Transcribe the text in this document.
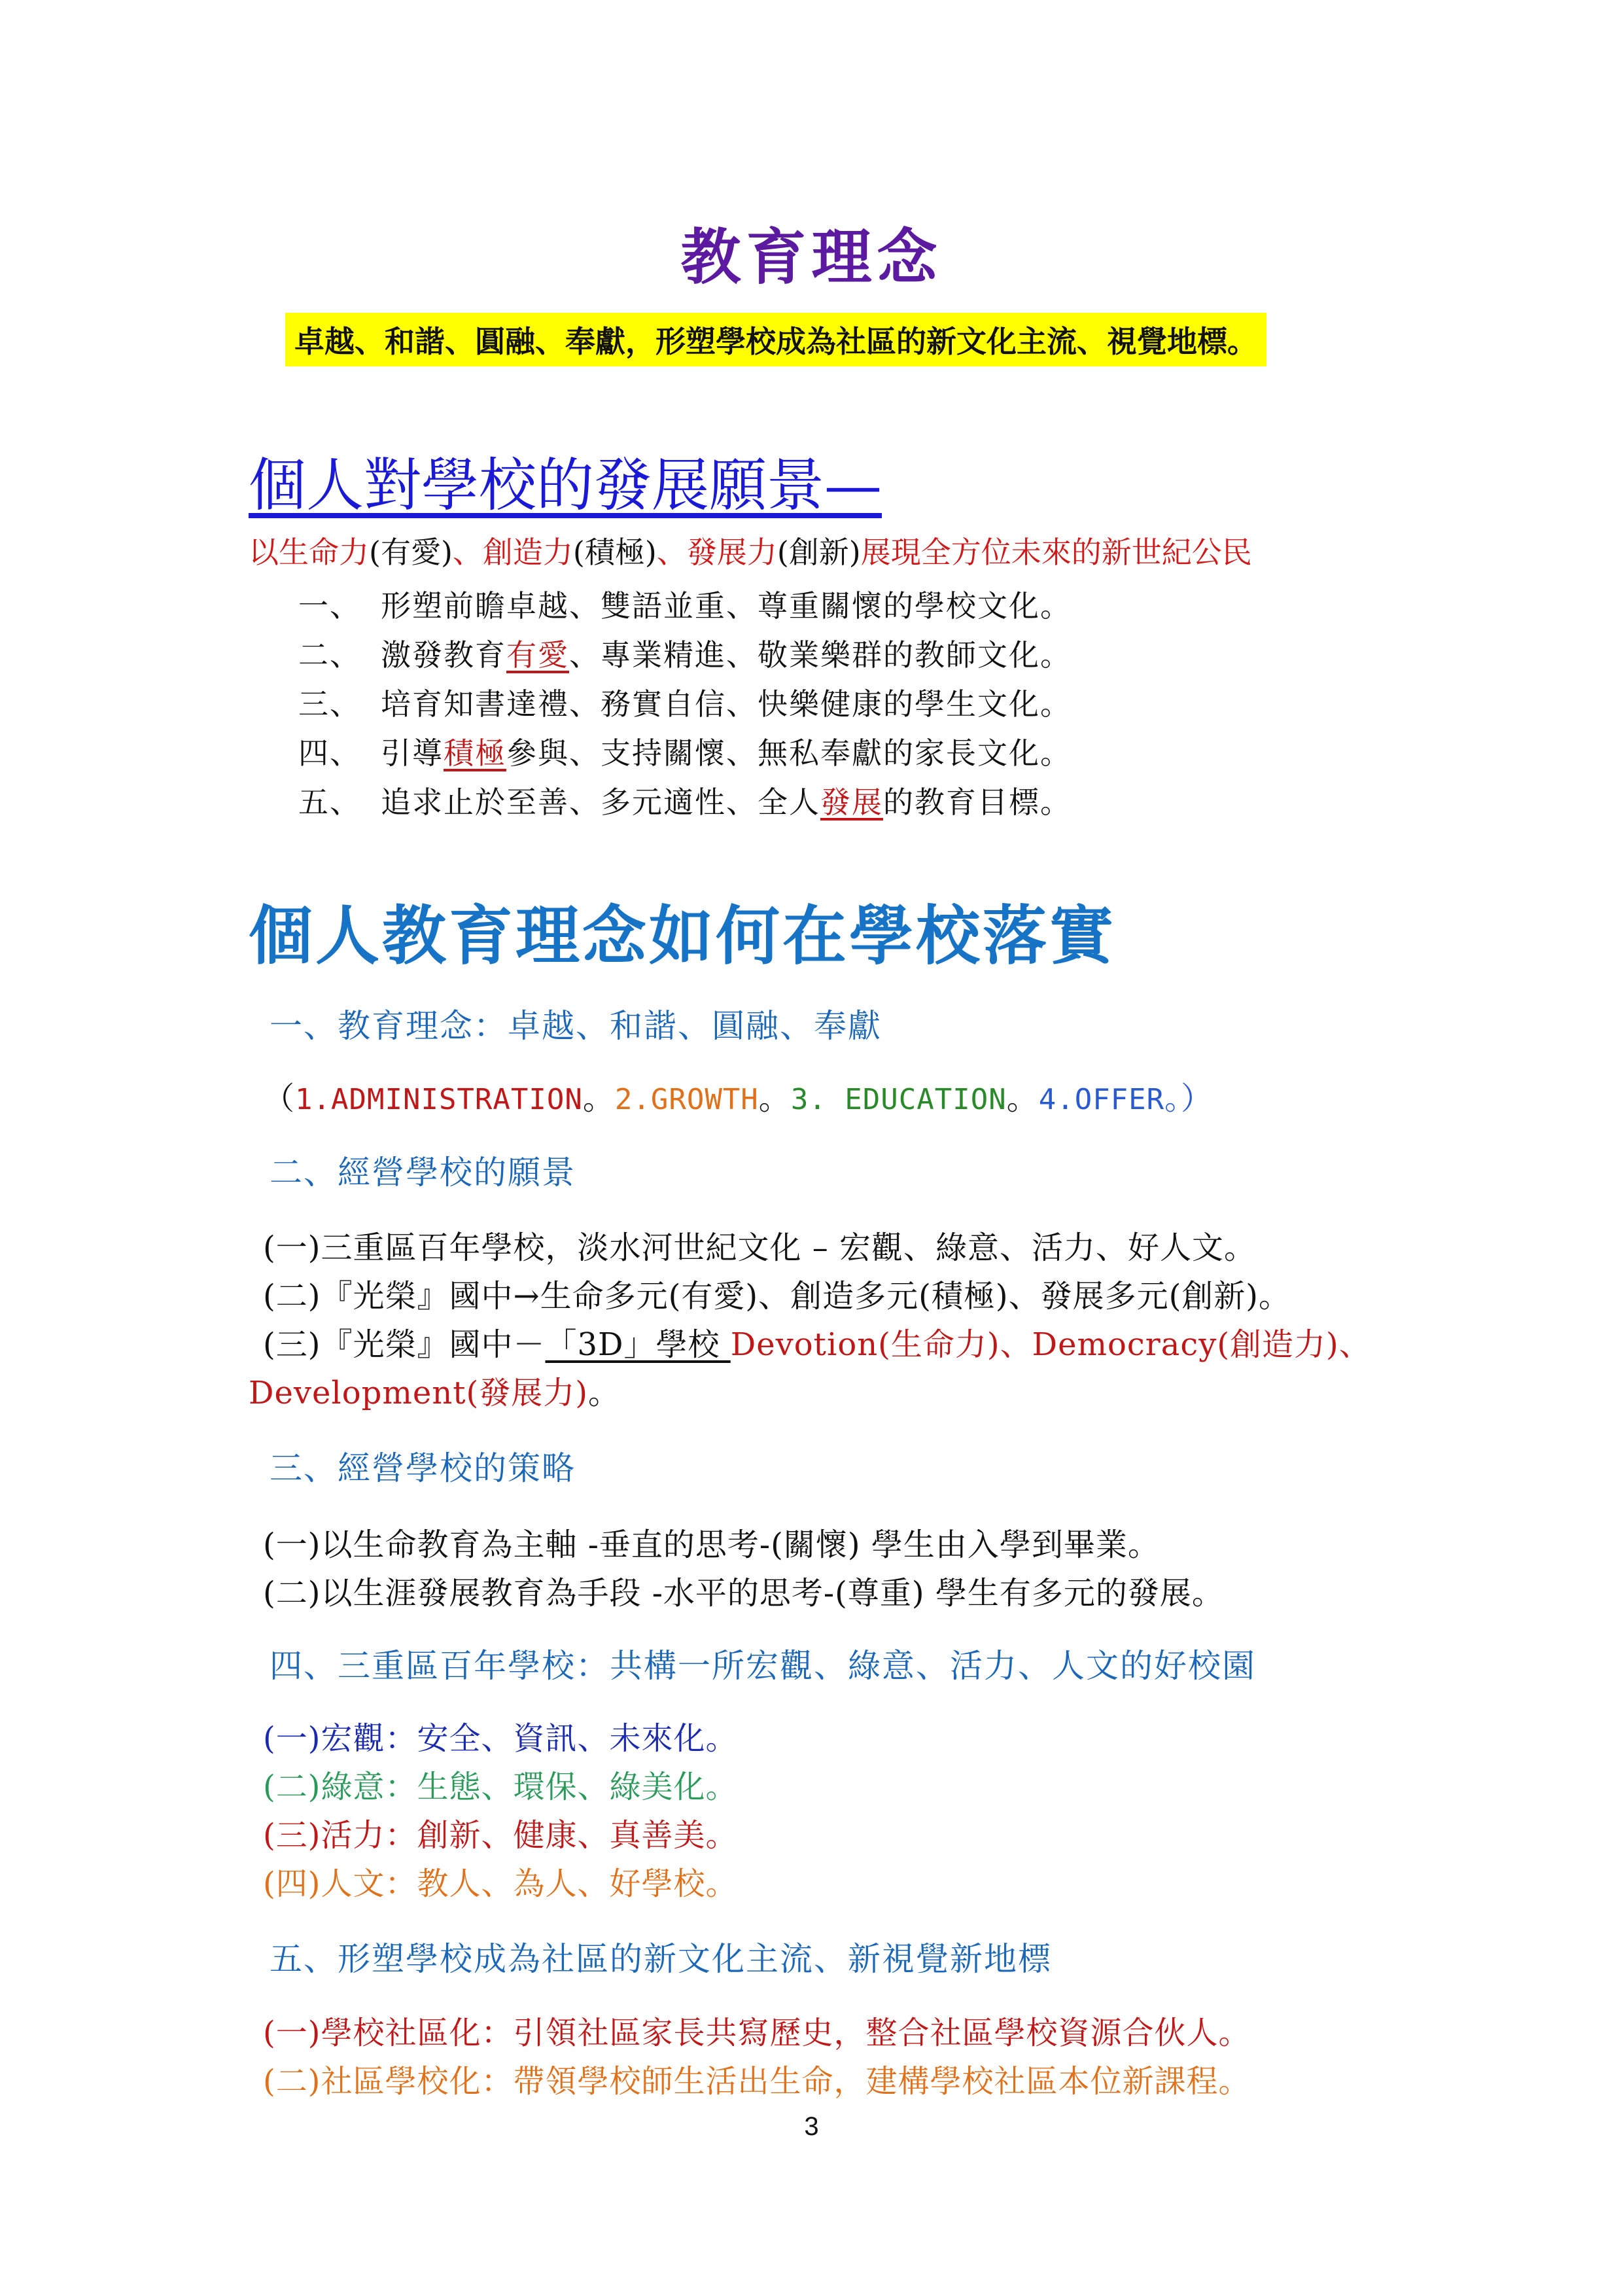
教育理念
卓越、和諧、圓融、奉獻，形塑學校成為社區的新文化主流、視覺地標。
個人對學校的發展願景—
以生命力(有愛)、創造力(積極)、發展力(創新)展現全方位未來的新世紀公民
一、 形塑前瞻卓越、雙語並重、尊重關懷的學校文化。
二、 激發教育有愛、專業精進、敬業樂群的教師文化。
三、 培育知書達禮、務實自信、快樂健康的學生文化。
四、 引導積極參與、支持關懷、無私奉獻的家長文化。
五、 追求止於至善、多元適性、全人發展的教育目標。
個人教育理念如何在學校落實
一、教育理念：卓越、和諧、圓融、奉獻
（1.ADMINISTRATION。2.GROWTH。3. EDUCATION。4.OFFER。）
二、經營學校的願景
(一)三重區百年學校，淡水河世紀文化 – 宏觀、綠意、活力、好人文。
(二)『光榮』國中→生命多元(有愛)、創造多元(積極)、發展多元(創新)。
(三)『光榮』國中－「3D」學校 Devotion(生命力)、Democracy(創造力)、
Development(發展力)。
三、經營學校的策略
(一)以生命教育為主軸 -垂直的思考-(關懷) 學生由入學到畢業。
(二)以生涯發展教育為手段 -水平的思考-(尊重) 學生有多元的發展。
四、三重區百年學校：共構一所宏觀、綠意、活力、人文的好校園
(一)宏觀：安全、資訊、未來化。
(二)綠意：生態、環保、綠美化。
(三)活力：創新、健康、真善美。
(四)人文：教人、為人、好學校。
五、形塑學校成為社區的新文化主流、新視覺新地標
(一)學校社區化：引領社區家長共寫歷史，整合社區學校資源合伙人。
(二)社區學校化：帶領學校師生活出生命，建構學校社區本位新課程。
3
